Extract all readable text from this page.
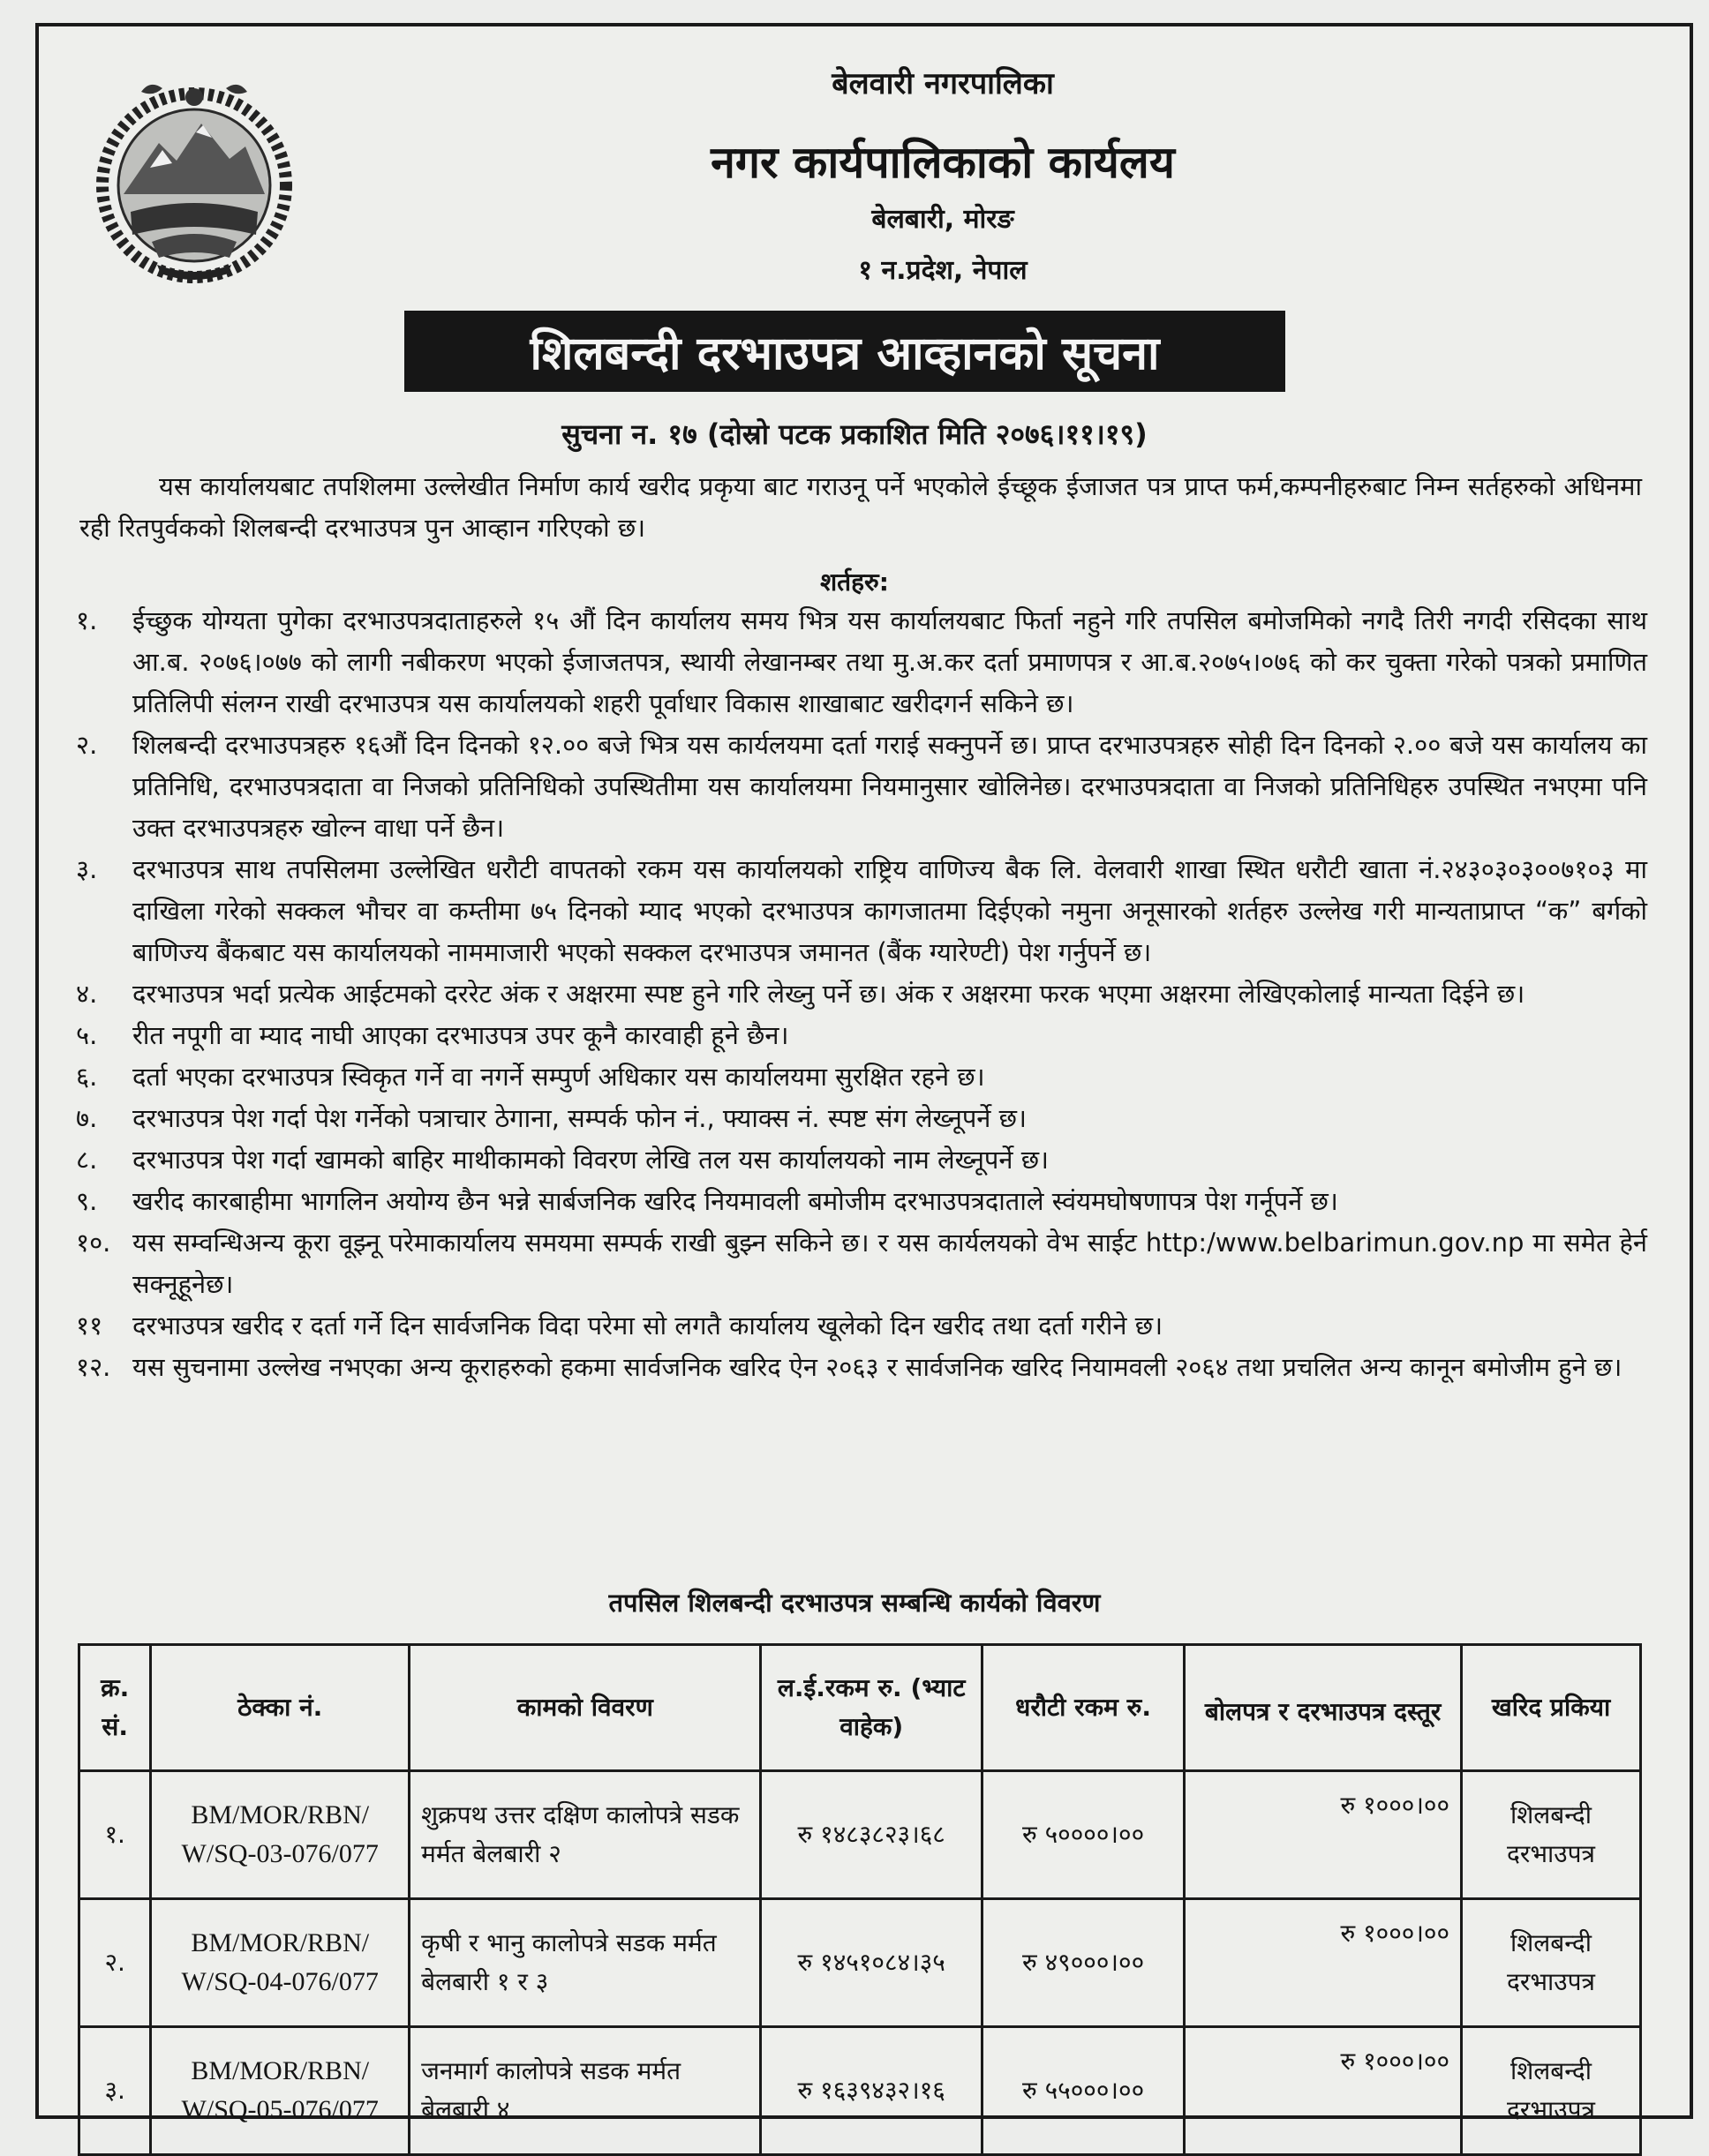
बेलवारी नगरपालिका
नगर कार्यपालिकाको कार्यलय
बेलबारी, मोरङ
१ न.प्रदेश, नेपाल
शिलबन्दी दरभाउपत्र आव्हानको सूचना
सुचना न. १७ (दोस्रो पटक प्रकाशित मिति २०७६।११।१९)
यस कार्यालयबाट तपशिलमा उल्लेखीत निर्माण कार्य खरीद प्रकृया बाट गराउनू पर्ने भएकोले ईच्छूक ईजाजत पत्र प्राप्त फर्म,कम्पनीहरुबाट निम्न सर्तहरुको अधिनमा रही रितपुर्वकको शिलबन्दी दरभाउपत्र पुन आव्हान गरिएको छ।
शर्तहरु:
१. ईच्छुक योग्यता पुगेका दरभाउपत्रदाताहरुले १५ औं दिन कार्यालय समय भित्र यस कार्यालयबाट फिर्ता नहुने गरि तपसिल बमोजमिको नगदै तिरी नगदी रसिदका साथ आ.ब. २०७६।०७७ को लागी नबीकरण भएको ईजाजतपत्र, स्थायी लेखानम्बर तथा मु.अ.कर दर्ता प्रमाणपत्र र आ.ब.२०७५।०७६ को कर चुक्ता गरेको पत्रको प्रमाणित प्रतिलिपी संलग्न राखी दरभाउपत्र यस कार्यालयको शहरी पूर्वाधार विकास शाखाबाट खरीदगर्न सकिने छ।
२. शिलबन्दी दरभाउपत्रहरु १६औं दिन दिनको १२.०० बजे भित्र यस कार्यलयमा दर्ता गराई सक्नुपर्ने छ। प्राप्त दरभाउपत्रहरु सोही दिन दिनको २.०० बजे यस कार्यालय का प्रतिनिधि, दरभाउपत्रदाता वा निजको प्रतिनिधिको उपस्थितीमा यस कार्यालयमा नियमानुसार खोलिनेछ। दरभाउपत्रदाता वा निजको प्रतिनिधिहरु उपस्थित नभएमा पनि उक्त दरभाउपत्रहरु खोल्न वाधा पर्ने छैन।
३. दरभाउपत्र साथ तपसिलमा उल्लेखित धरौटी वापतको रकम यस कार्यालयको राष्ट्रिय वाणिज्य बैक लि. वेलवारी शाखा स्थित धरौटी खाता नं.२४३०३०३००७१०३ मा दाखिला गरेको सक्कल भौचर वा कम्तीमा ७५ दिनको म्याद भएको दरभाउपत्र कागजातमा दिईएको नमुना अनूसारको शर्तहरु उल्लेख गरी मान्यताप्राप्त “क” बर्गको बाणिज्य बैंकबाट यस कार्यालयको नाममाजारी भएको सक्कल दरभाउपत्र जमानत (बैंक ग्यारेण्टी) पेश गर्नुपर्ने छ।
४. दरभाउपत्र भर्दा प्रत्येक आईटमको दररेट अंक र अक्षरमा स्पष्ट हुने गरि लेख्नु पर्ने छ। अंक र अक्षरमा फरक भएमा अक्षरमा लेखिएकोलाई मान्यता दिईने छ।
५. रीत नपूगी वा म्याद नाघी आएका दरभाउपत्र उपर कूनै कारवाही हूने छैन।
६. दर्ता भएका दरभाउपत्र स्विकृत गर्ने वा नगर्ने सम्पुर्ण अधिकार यस कार्यालयमा सुरक्षित रहने छ।
७. दरभाउपत्र पेश गर्दा पेश गर्नेको पत्राचार ठेगाना, सम्पर्क फोन नं., फ्याक्स नं. स्पष्ट संग लेख्नूपर्ने छ।
८. दरभाउपत्र पेश गर्दा खामको बाहिर माथीकामको विवरण लेखि तल यस कार्यालयको नाम लेख्नूपर्ने छ।
९. खरीद कारबाहीमा भागलिन अयोग्य छैन भन्ने सार्बजनिक खरिद नियमावली बमोजीम दरभाउपत्रदाताले स्वंयमघोषणापत्र पेश गर्नूपर्ने छ।
१०. यस सम्वन्धिअन्य कूरा वूझ्नू परेमाकार्यालय समयमा सम्पर्क राखी बुझ्न सकिने छ। र यस कार्यलयको वेभ साईट http:/www.belbarimun.gov.np मा समेत हेर्न सक्नूहूनेछ।
११ दरभाउपत्र खरीद र दर्ता गर्ने दिन सार्वजनिक विदा परेमा सो लगतै कार्यालय खूलेको दिन खरीद तथा दर्ता गरीने छ।
१२. यस सुचनामा उल्लेख नभएका अन्य कूराहरुको हकमा सार्वजनिक खरिद ऐन २०६३ र सार्वजनिक खरिद नियामवली २०६४ तथा प्रचलित अन्य कानून बमोजीम हुने छ।
तपसिल शिलबन्दी दरभाउपत्र सम्बन्धि कार्यको विवरण
क्र. सं.	ठेक्का नं.	कामको विवरण	ल.ई.रकम रु. (भ्याट वाहेक)	धरौटी रकम रु.	बोलपत्र र दरभाउपत्र दस्तूर	खरिद प्रकिया
१.	BM/MOR/RBN/ W/SQ-03-076/077	शुक्रपथ उत्तर दक्षिण कालोपत्रे सडक मर्मत बेलबारी २	रु १४८३८२३।६८	रु ५००००।००	रु १०००।००	शिलबन्दी दरभाउपत्र
२.	BM/MOR/RBN/ W/SQ-04-076/077	कृषी र भानु कालोपत्रे सडक मर्मत बेलबारी १ र ३	रु १४५१०८४।३५	रु ४९०००।००	रु १०००।००	शिलबन्दी दरभाउपत्र
३.	BM/MOR/RBN/ W/SQ-05-076/077	जनमार्ग कालोपत्रे सडक मर्मत बेलबारी ४	रु १६३९४३२।१६	रु ५५०००।००	रु १०००।००	शिलबन्दी दरभाउपत्र
